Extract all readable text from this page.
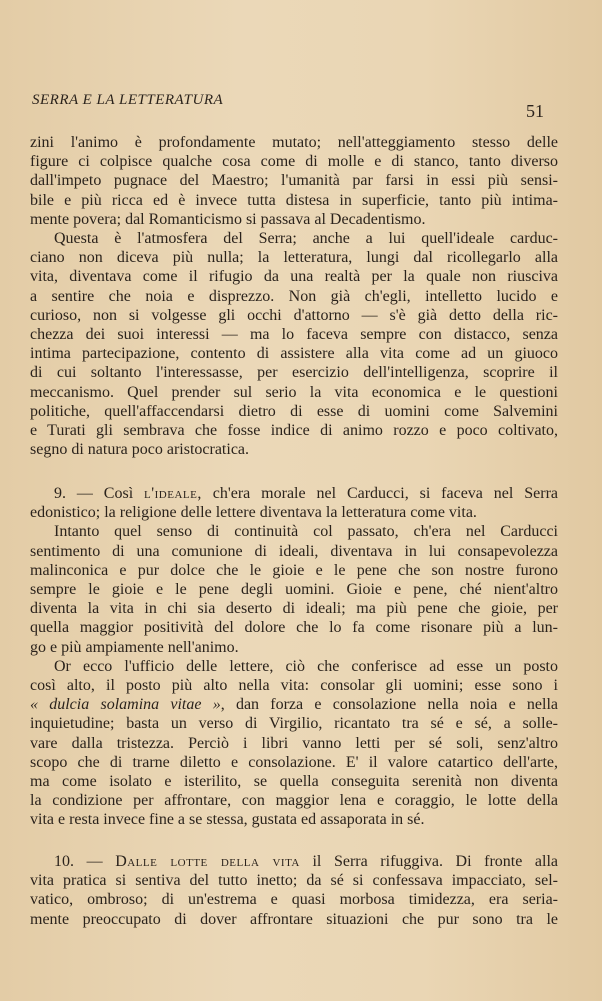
SERRA E LA LETTERATURA
51
zini l'animo è profondamente mutato; nell'atteggiamento stesso delle
figure ci colpisce qualche cosa come di molle e di stanco, tanto diverso
dall'impeto pugnace del Maestro; l'umanità par farsi in essi più sensi-
bile e più ricca ed è invece tutta distesa in superficie, tanto più intima-
mente povera; dal Romanticismo si passava al Decadentismo.
Questa è l'atmosfera del Serra; anche a lui quell'ideale carduc-
ciano non diceva più nulla; la letteratura, lungi dal ricollegarlo alla
vita, diventava come il rifugio da una realtà per la quale non riusciva
a sentire che noia e disprezzo. Non già ch'egli, intelletto lucido e
curioso, non si volgesse gli occhi d'attorno — s'è già detto della ric-
chezza dei suoi interessi — ma lo faceva sempre con distacco, senza
intima partecipazione, contento di assistere alla vita come ad un giuoco
di cui soltanto l'interessasse, per esercizio dell'intelligenza, scoprire il
meccanismo. Quel prender sul serio la vita economica e le questioni
politiche, quell'affaccendarsi dietro di esse di uomini come Salvemini
e Turati gli sembrava che fosse indice di animo rozzo e poco coltivato,
segno di natura poco aristocratica.
9. — Così l'ideale, ch'era morale nel Carducci, si faceva nel Serra
edonistico; la religione delle lettere diventava la letteratura come vita.
Intanto quel senso di continuità col passato, ch'era nel Carducci
sentimento di una comunione di ideali, diventava in lui consapevolezza
malinconica e pur dolce che le gioie e le pene che son nostre furono
sempre le gioie e le pene degli uomini. Gioie e pene, ché nient'altro
diventa la vita in chi sia deserto di ideali; ma più pene che gioie, per
quella maggior positività del dolore che lo fa come risonare più a lun-
go e più ampiamente nell'animo.
Or ecco l'ufficio delle lettere, ciò che conferisce ad esse un posto
così alto, il posto più alto nella vita: consolar gli uomini; esse sono i
« dulcia solamina vitae », dan forza e consolazione nella noia e nella
inquietudine; basta un verso di Virgilio, ricantato tra sé e sé, a solle-
vare dalla tristezza. Perciò i libri vanno letti per sé soli, senz'altro
scopo che di trarne diletto e consolazione. E' il valore catartico dell'arte,
ma come isolato e isterilito, se quella conseguita serenità non diventa
la condizione per affrontare, con maggior lena e coraggio, le lotte della
vita e resta invece fine a se stessa, gustata ed assaporata in sé.
10. — Dalle lotte della vita il Serra rifuggiva. Di fronte alla
vita pratica si sentiva del tutto inetto; da sé si confessava impacciato, sel-
vatico, ombroso; di un'estrema e quasi morbosa timidezza, era seria-
mente preoccupato di dover affrontare situazioni che pur sono tra le
